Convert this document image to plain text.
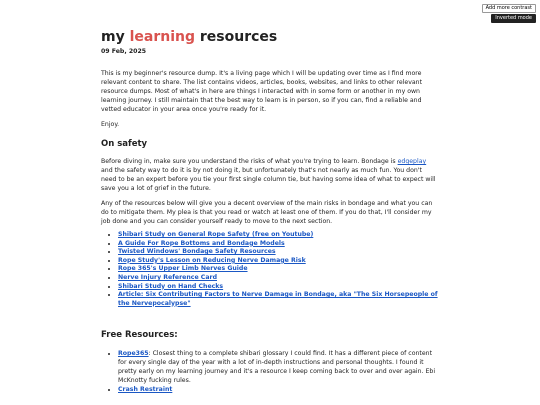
Add more contrast
Inverted mode
my learning resources
09 Feb, 2025

This is my beginner's resource dump. It's a living page which I will be updating over time as I find more relevant content to share. The list contains videos, articles, books, websites, and links to other relevant resource dumps. Most of what's in here are things I interacted with in some form or another in my own learning journey. I still maintain that the best way to learn is in person, so if you can, find a reliable and vetted educator in your area once you're ready for it.

Enjoy.

On safety

Before diving in, make sure you understand the risks of what you're trying to learn. Bondage is edgeplay and the safety way to do it is by not doing it, but unfortunately that's not nearly as much fun. You don't need to be an expert before you tie your first single column tie, but having some idea of what to expect will save you a lot of grief in the future.

Any of the resources below will give you a decent overview of the main risks in bondage and what you can do to mitigate them. My plea is that you read or watch at least one of them. If you do that, I'll consider my job done and you can consider yourself ready to move to the next section.

• Shibari Study on General Rope Safety (free on Youtube)
• A Guide For Rope Bottoms and Bondage Models
• Twisted Windows' Bondage Safety Resources
• Rope Study's Lesson on Reducing Nerve Damage Risk
• Rope 365's Upper Limb Nerves Guide
• Nerve Injury Reference Card
• Shibari Study on Hand Checks
• Article: Six Contributing Factors to Nerve Damage in Bondage, aka "The Six Horsepeople of the Nervepocalypse"
Free Resources:
• Rope365: Closest thing to a complete shibari glossary I could find. It has a different piece of content for every single day of the year with a lot of in-depth instructions and personal thoughts. I found it pretty early on my learning journey and it's a resource I keep coming back to over and over again. Ebi McKnotty fucking rules.
• Crash Restraint
